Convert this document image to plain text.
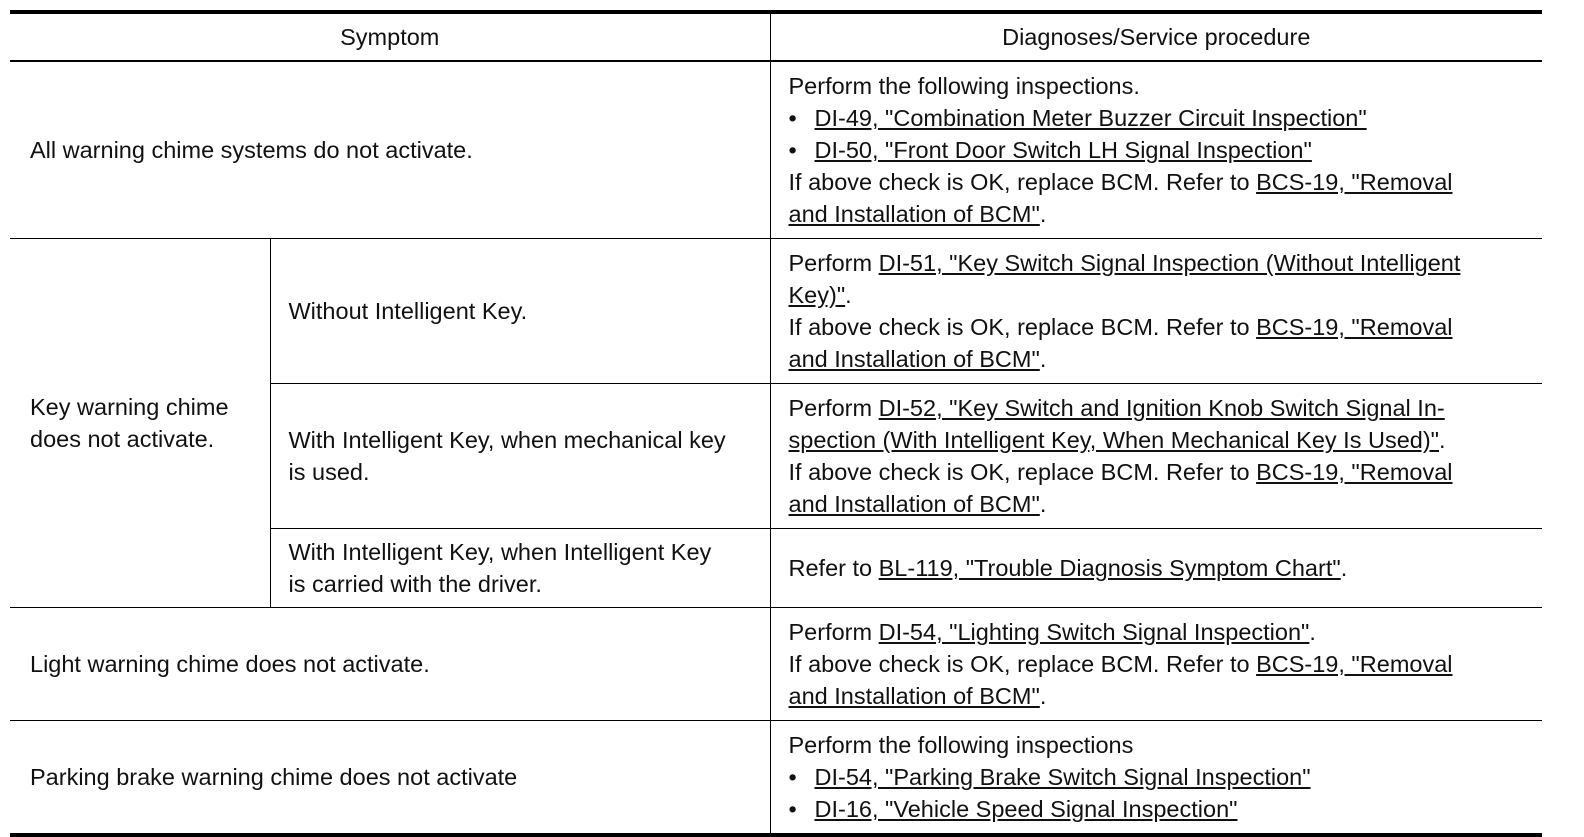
Symptom		Diagnoses/Service procedure
All warning chime systems do not activate.		Perform the following inspections.
• DI-49, "Combination Meter Buzzer Circuit Inspection"
• DI-50, "Front Door Switch LH Signal Inspection"
If above check is OK, replace BCM. Refer to BCS-19, "Removal
and Installation of BCM".

Key warning chime
does not activate.	Without Intelligent Key.	Perform DI-51, "Key Switch Signal Inspection (Without Intelligent
Key)".
If above check is OK, replace BCM. Refer to BCS-19, "Removal
and Installation of BCM".

	With Intelligent Key, when mechanical key
is used.	Perform DI-52, "Key Switch and Ignition Knob Switch Signal In-
spection (With Intelligent Key, When Mechanical Key Is Used)".
If above check is OK, replace BCM. Refer to BCS-19, "Removal
and Installation of BCM".

	With Intelligent Key, when Intelligent Key
is carried with the driver.	Refer to BL-119, "Trouble Diagnosis Symptom Chart".

Light warning chime does not activate.		Perform DI-54, "Lighting Switch Signal Inspection".
If above check is OK, replace BCM. Refer to BCS-19, "Removal
and Installation of BCM".

Parking brake warning chime does not activate		Perform the following inspections
• DI-54, "Parking Brake Switch Signal Inspection"
• DI-16, "Vehicle Speed Signal Inspection"
